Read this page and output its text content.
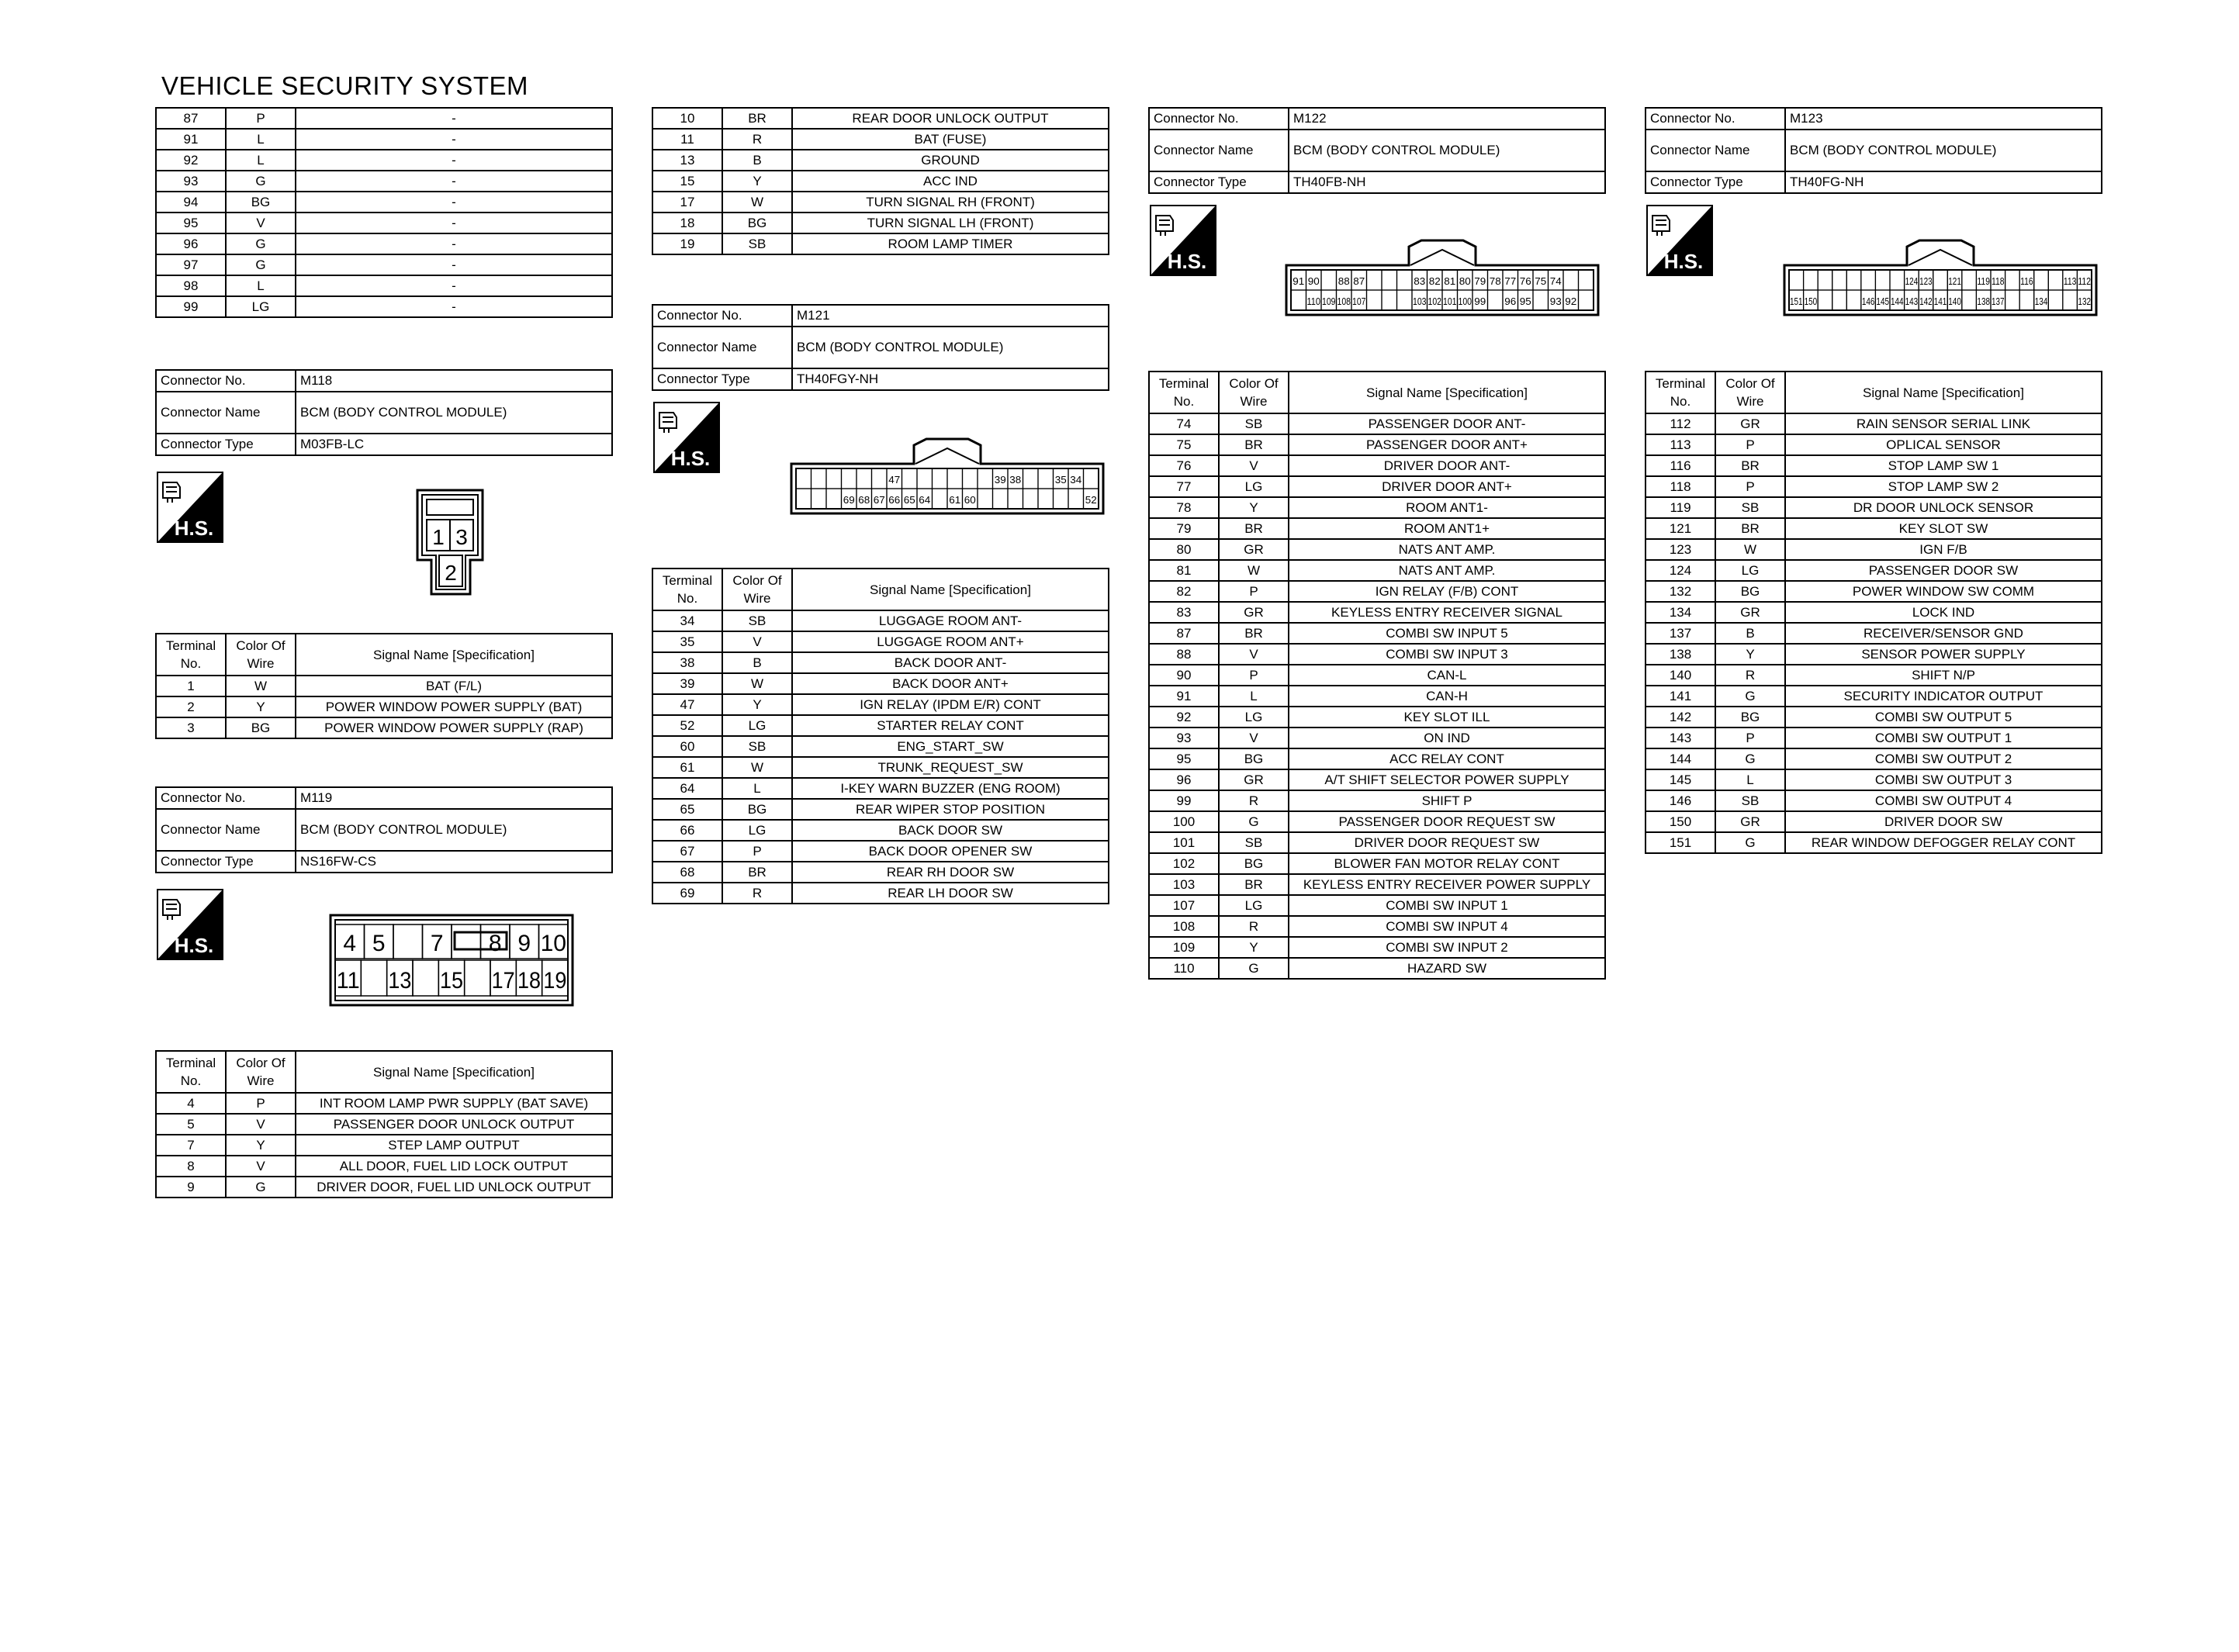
VEHICLE SECURITY SYSTEM
87	P	-
91	L	-
92	L	-
93	G	-
94	BG	-
95	V	-
96	G	-
97	G	-
98	L	-
99	LG	-
Connector No.	M118
Connector Name	BCM (BODY CONTROL MODULE)
Connector Type	M03FB-LC
H.S.	1 3
2
Terminal No.	Color Of Wire	Signal Name [Specification]
1	W	BAT (F/L)
2	Y	POWER WINDOW POWER SUPPLY (BAT)
3	BG	POWER WINDOW POWER SUPPLY (RAP)
Connector No.	M119
Connector Name	BCM (BODY CONTROL MODULE)
Connector Type	NS16FW-CS
H.S.	4 5 7 8 9 10
11 13 15 17 18 19
Terminal No.	Color Of Wire	Signal Name [Specification]
4	P	INT ROOM LAMP PWR SUPPLY (BAT SAVE)
5	V	PASSENGER DOOR UNLOCK OUTPUT
7	Y	STEP LAMP OUTPUT
8	V	ALL DOOR, FUEL LID LOCK OUTPUT
9	G	DRIVER DOOR, FUEL LID UNLOCK OUTPUT
10	BR	REAR DOOR UNLOCK OUTPUT
11	R	BAT (FUSE)
13	B	GROUND
15	Y	ACC IND
17	W	TURN SIGNAL RH (FRONT)
18	BG	TURN SIGNAL LH (FRONT)
19	SB	ROOM LAMP TIMER
Connector No.	M121
Connector Name	BCM (BODY CONTROL MODULE)
Connector Type	TH40FGY-NH
H.S.
47	39 38	35 34
69 68 67 66 65 64 61 60	52
Terminal No.	Color Of Wire	Signal Name [Specification]
34	SB	LUGGAGE ROOM ANT-
35	V	LUGGAGE ROOM ANT+
38	B	BACK DOOR ANT-
39	W	BACK DOOR ANT+
47	Y	IGN RELAY (IPDM E/R) CONT
52	LG	STARTER RELAY CONT
60	SB	ENG_START_SW
61	W	TRUNK_REQUEST_SW
64	L	I-KEY WARN BUZZER (ENG ROOM)
65	BG	REAR WIPER STOP POSITION
66	LG	BACK DOOR SW
67	P	BACK DOOR OPENER SW
68	BR	REAR RH DOOR SW
69	R	REAR LH DOOR SW
Connector No.	M122
Connector Name	BCM (BODY CONTROL MODULE)
Connector Type	TH40FB-NH
H.S.
91 90 88 87	83 82 81 80 79 78 77 76 75 74
110 109 108 107	103 102 101 100 99 96 95 93 92
Terminal No.	Color Of Wire	Signal Name [Specification]
74	SB	PASSENGER DOOR ANT-
75	BR	PASSENGER DOOR ANT+
76	V	DRIVER DOOR ANT-
77	LG	DRIVER DOOR ANT+
78	Y	ROOM ANT1-
79	BR	ROOM ANT1+
80	GR	NATS ANT AMP.
81	W	NATS ANT AMP.
82	P	IGN RELAY (F/B) CONT
83	GR	KEYLESS ENTRY RECEIVER SIGNAL
87	BR	COMBI SW INPUT 5
88	V	COMBI SW INPUT 3
90	P	CAN-L
91	L	CAN-H
92	LG	KEY SLOT ILL
93	V	ON IND
95	BG	ACC RELAY CONT
96	GR	A/T SHIFT SELECTOR POWER SUPPLY
99	R	SHIFT P
100	G	PASSENGER DOOR REQUEST SW
101	SB	DRIVER DOOR REQUEST SW
102	BG	BLOWER FAN MOTOR RELAY CONT
103	BR	KEYLESS ENTRY RECEIVER POWER SUPPLY
107	LG	COMBI SW INPUT 1
108	R	COMBI SW INPUT 4
109	Y	COMBI SW INPUT 2
110	G	HAZARD SW
Connector No.	M123
Connector Name	BCM (BODY CONTROL MODULE)
Connector Type	TH40FG-NH
H.S.
124 123 121 119 118 116	113 112
151 150	146 145 144 143 142 141 140 138 137	134	132
Terminal No.	Color Of Wire	Signal Name [Specification]
112	GR	RAIN SENSOR SERIAL LINK
113	P	OPLICAL SENSOR
116	BR	STOP LAMP SW 1
118	P	STOP LAMP SW 2
119	SB	DR DOOR UNLOCK SENSOR
121	BR	KEY SLOT SW
123	W	IGN F/B
124	LG	PASSENGER DOOR SW
132	BG	POWER WINDOW SW COMM
134	GR	LOCK IND
137	B	RECEIVER/SENSOR GND
138	Y	SENSOR POWER SUPPLY
140	R	SHIFT N/P
141	G	SECURITY INDICATOR OUTPUT
142	BG	COMBI SW OUTPUT 5
143	P	COMBI SW OUTPUT 1
144	G	COMBI SW OUTPUT 2
145	L	COMBI SW OUTPUT 3
146	SB	COMBI SW OUTPUT 4
150	GR	DRIVER DOOR SW
151	G	REAR WINDOW DEFOGGER RELAY CONT
